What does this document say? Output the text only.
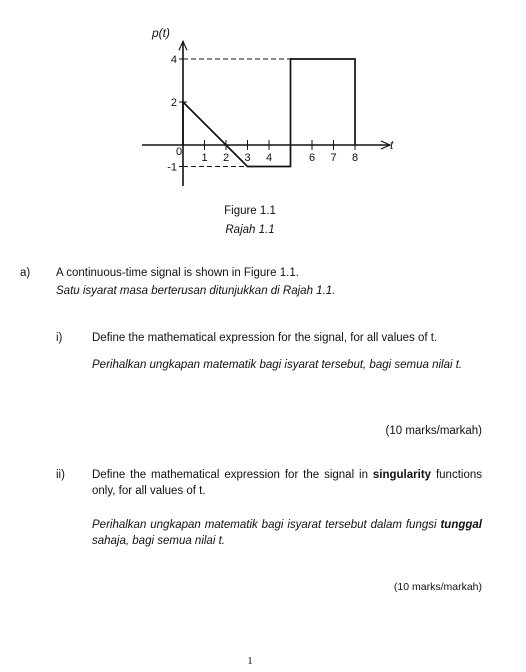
4
2
-1
0 1 2 3 4	6 7 8
p(t)
t
Figure 1.1
Rajah 1.1
a) A continuous-time signal is shown in Figure 1.1.
Satu isyarat masa berterusan ditunjukkan di Rajah 1.1.
i)	Define the mathematical expression for the signal, for all values of t.
Perihalkan ungkapan matematik bagi isyarat tersebut, bagi semua nilai t.
(10 marks/markah)
ii) Define the mathematical expression for the signal in singularity functions only, for all values of t.
Perihalkan ungkapan matematik bagi isyarat tersebut dalam fungsi tunggal sahaja, bagi semua nilai t.
(10 marks/markah)
1
